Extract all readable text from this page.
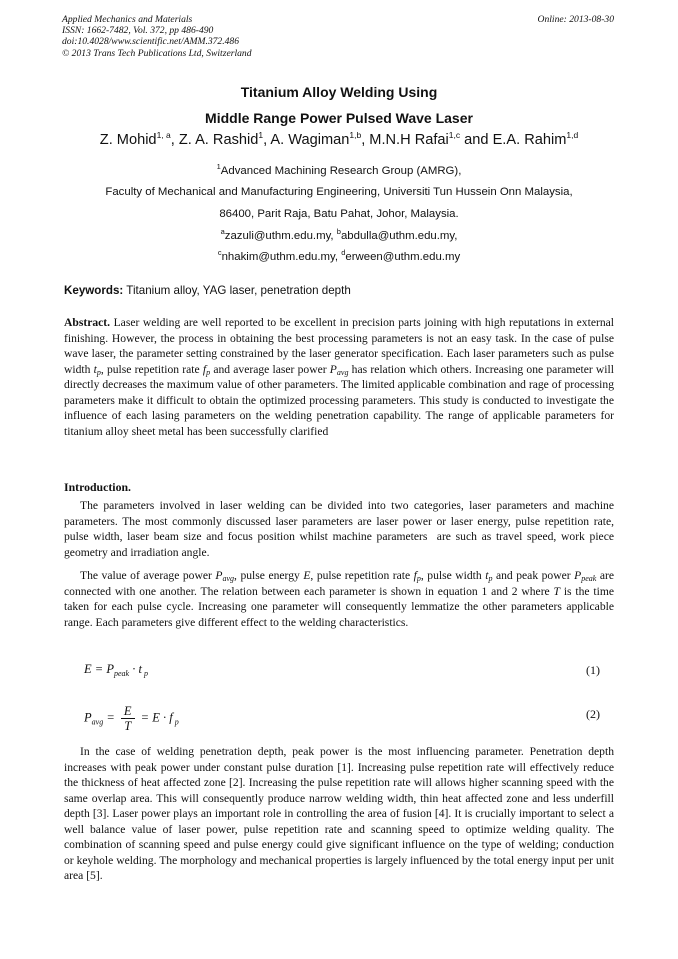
Applied Mechanics and Materials
ISSN: 1662-7482, Vol. 372, pp 486-490
doi:10.4028/www.scientific.net/AMM.372.486
© 2013 Trans Tech Publications Ltd, Switzerland
Online: 2013-08-30
Titanium Alloy Welding Using
Middle Range Power Pulsed Wave Laser
Z. Mohid$^{1, a}$, Z. A. Rashid$^1$, A. Wagiman$^{1,b}$, M.N.H Rafai$^{1,c}$ and E.A. Rahim$^{1,d}$
$^1$Advanced Machining Research Group (AMRG),
Faculty of Mechanical and Manufacturing Engineering, Universiti Tun Hussein Onn Malaysia,
86400, Parit Raja, Batu Pahat, Johor, Malaysia.
$^a$zazuli@uthm.edu.my, $^b$abdulla@uthm.edu.my,
$^c$nhakim@uthm.edu.my, $^d$erween@uthm.edu.my
Keywords: Titanium alloy, YAG laser, penetration depth
Abstract. Laser welding are well reported to be excellent in precision parts joining with high reputations in external finishing. However, the process in obtaining the best processing parameters is not an easy task. In the case of pulse wave laser, the parameter setting constrained by the laser generator specification. Each laser parameters such as pulse width $t_p$, pulse repetition rate $f_p$ and average laser power $P_{avg}$ has relation which others. Increasing one parameter will directly decreases the maximum value of other parameters. The limited applicable combination and rage of processing parameters make it difficult to obtain the optimized processing parameters. This study is conducted to investigate the influence of each lasing parameters on the welding penetration capability. The range of applicable parameters for titanium alloy sheet metal has been successfully clarified
Introduction.
The parameters involved in laser welding can be divided into two categories, laser parameters and machine parameters. The most commonly discussed laser parameters are laser power or laser energy, pulse repetition rate, pulse width, laser beam size and focus position whilst machine parameters  are such as travel speed, work piece geometry and irradiation angle.
The value of average power $P_{avg}$, pulse energy E, pulse repetition rate $f_p$, pulse width $t_p$ and peak power $P_{peak}$ are connected with one another. The relation between each parameter is shown in equation 1 and 2 where T is the time taken for each pulse cycle. Increasing one parameter will consequently lemmatize the other parameters applicable range. Each parameters give different effect to the welding characteristics.
$E = P_{peak} \cdot t$ $_p$	(1)
$P_{avg} = \frac{E}{T} = E \cdot f$ $_p$
(2)
In the case of welding penetration depth, peak power is the most influencing parameter. Penetration depth increases with peak power under constant pulse duration [1]. Increasing pulse repetition rate will effectively reduce the thickness of heat affected zone [2]. Increasing the pulse repetition rate will allows higher scanning speed with the same overlap area. This will consequently produce narrow welding width, thin heat affected zone and less underfill depth [3]. Laser power plays an important role in controlling the area of fusion [4]. It is crucially important to select a well balance value of laser power, pulse repetition rate and scanning speed to optimize welding quality. The combination of scanning speed and pulse energy could give significant influence on the type of welding; conduction or keyhole welding. The morphology and mechanical properties is largely influenced by the total energy input per unit area [5].
